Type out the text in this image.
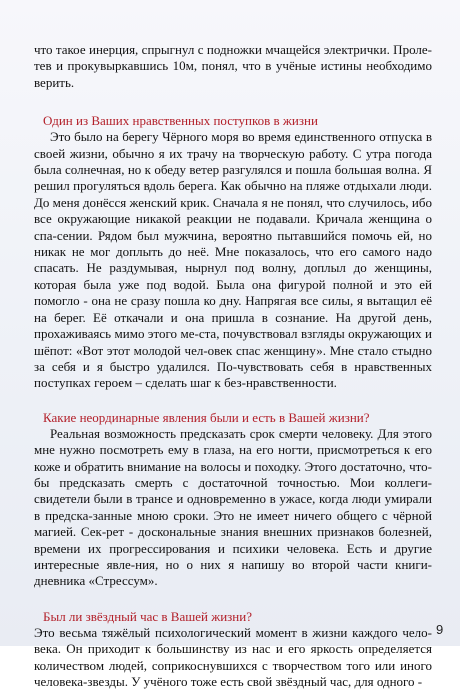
что такое инерция, спрыгнул с подножки мчащейся электрички. Проле-тев и прокувыркавшись 10м, понял, что в учёные истины необходимо верить.

Один из Ваших нравственных поступков в жизни

Это было на берегу Чёрного моря во время единственного отпуска в своей жизни, обычно я их трачу на творческую работу. С утра погода была солнечная, но к обеду ветер разгулялся и пошла большая волна. Я решил прогуляться вдоль берега. Как обычно на пляже отдыхали люди. До меня донёсся женский крик. Сначала я не понял, что случилось, ибо все окружающие никакой реакции не подавали. Кричала женщина о спа-сении. Рядом был мужчина, вероятно пытавшийся помочь ей, но никак не мог доплыть до неё. Мне показалось, что его самого надо спасать. Не раздумывая, нырнул под волну, доплыл до женщины, которая была уже под водой. Была она фигурой полной и это ей помогло - она не сразу пошла ко дну. Напрягая все силы, я вытащил её на берег. Её откачали и она пришла в сознание. На другой день, прохаживаясь мимо этого ме-ста, почувствовал взгляды окружающих и шёпот: «Вот этот молодой чел-овек спас женщину». Мне стало стыдно за себя и я быстро удалился. По-чувствовать себя в нравственных поступках героем – сделать шаг к без-нравственности.

Какие неординарные явления были и есть в Вашей жизни?

Реальная возможность предсказать срок смерти человеку. Для этого мне нужно посмотреть ему в глаза, на его ногти, присмотреться к его коже и обратить внимание на волосы и походку. Этого достаточно, что-бы предсказать смерть с достаточной точностью. Мои коллеги-свидетели были в трансе и одновременно в ужасе, когда люди умирали в предска-занные мною сроки. Это не имеет ничего общего с чёрной магией. Сек-рет - доскональные знания внешних признаков болезней, времени их прогрессирования и психики человека. Есть и другие интересные явле-ния, но о них я напишу во второй части книги-дневника «Стрессум».

Был ли звёздный час в Вашей жизни?

Это весьма тяжёлый психологический момент в жизни каждого чело-века. Он приходит к большинству из нас и его яркость определяется количеством людей, соприкоснувшихся с творчеством того или иного человека-звезды. У учёного тоже есть свой звёздный час, для одного -

9
